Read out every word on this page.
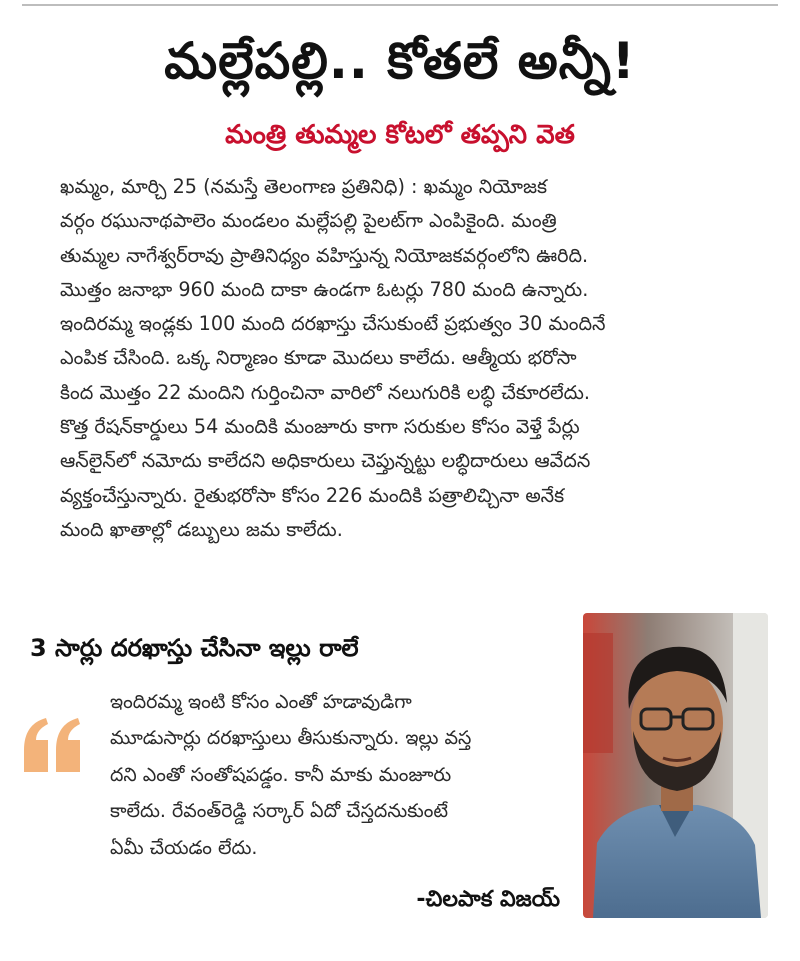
మల్లేపల్లి.. కోతలే అన్నీ!
మంత్రి తుమ్మల కోటలో తప్పని వెత

ఖమ్మం, మార్చి 25 (నమస్తే తెలంగాణ ప్రతినిధి) : ఖమ్మం నియోజక
వర్గం రఘునాథపాలెం మండలం మల్లేపల్లి పైలట్‌గా ఎంపికైంది. మంత్రి
తుమ్మల నాగేశ్వర్‌రావు ప్రాతినిధ్యం వహిస్తున్న నియోజకవర్గంలోని ఊరిది.
మొత్తం జనాభా 960 మంది దాకా ఉండగా ఓటర్లు 780 మంది ఉన్నారు.
ఇందిరమ్మ ఇండ్లకు 100 మంది దరఖాస్తు చేసుకుంటే ప్రభుత్వం 30 మందినే
ఎంపిక చేసింది. ఒక్క నిర్మాణం కూడా మొదలు కాలేదు. ఆత్మీయ భరోసా
కింద మొత్తం 22 మందిని గుర్తించినా వారిలో నలుగురికి లబ్ధి చేకూరలేదు.
కొత్త రేషన్‌కార్డులు 54 మందికి మంజూరు కాగా సరుకుల కోసం వెళ్తే పేర్లు
ఆన్‌లైన్‌లో నమోదు కాలేదని అధికారులు చెప్తున్నట్టు లబ్ధిదారులు ఆవేదన
వ్యక్తంచేస్తున్నారు. రైతుభరోసా కోసం 226 మందికి పత్రాలిచ్చినా అనేక
మంది ఖాతాల్లో డబ్బులు జమ కాలేదు.

3 సార్లు దరఖాస్తు చేసినా ఇల్లు రాలే

ఇందిరమ్మ ఇంటి కోసం ఎంతో హడావుడిగా
మూడుసార్లు దరఖాస్తులు తీసుకున్నారు. ఇల్లు వస్త
దని ఎంతో సంతోషపడ్డం. కానీ మాకు మంజూరు
కాలేదు. రేవంత్‌రెడ్డి సర్కార్ ఏదో చేస్తదనుకుంటే
ఏమీ చేయడం లేదు.

-చిలపాక విజయ్
